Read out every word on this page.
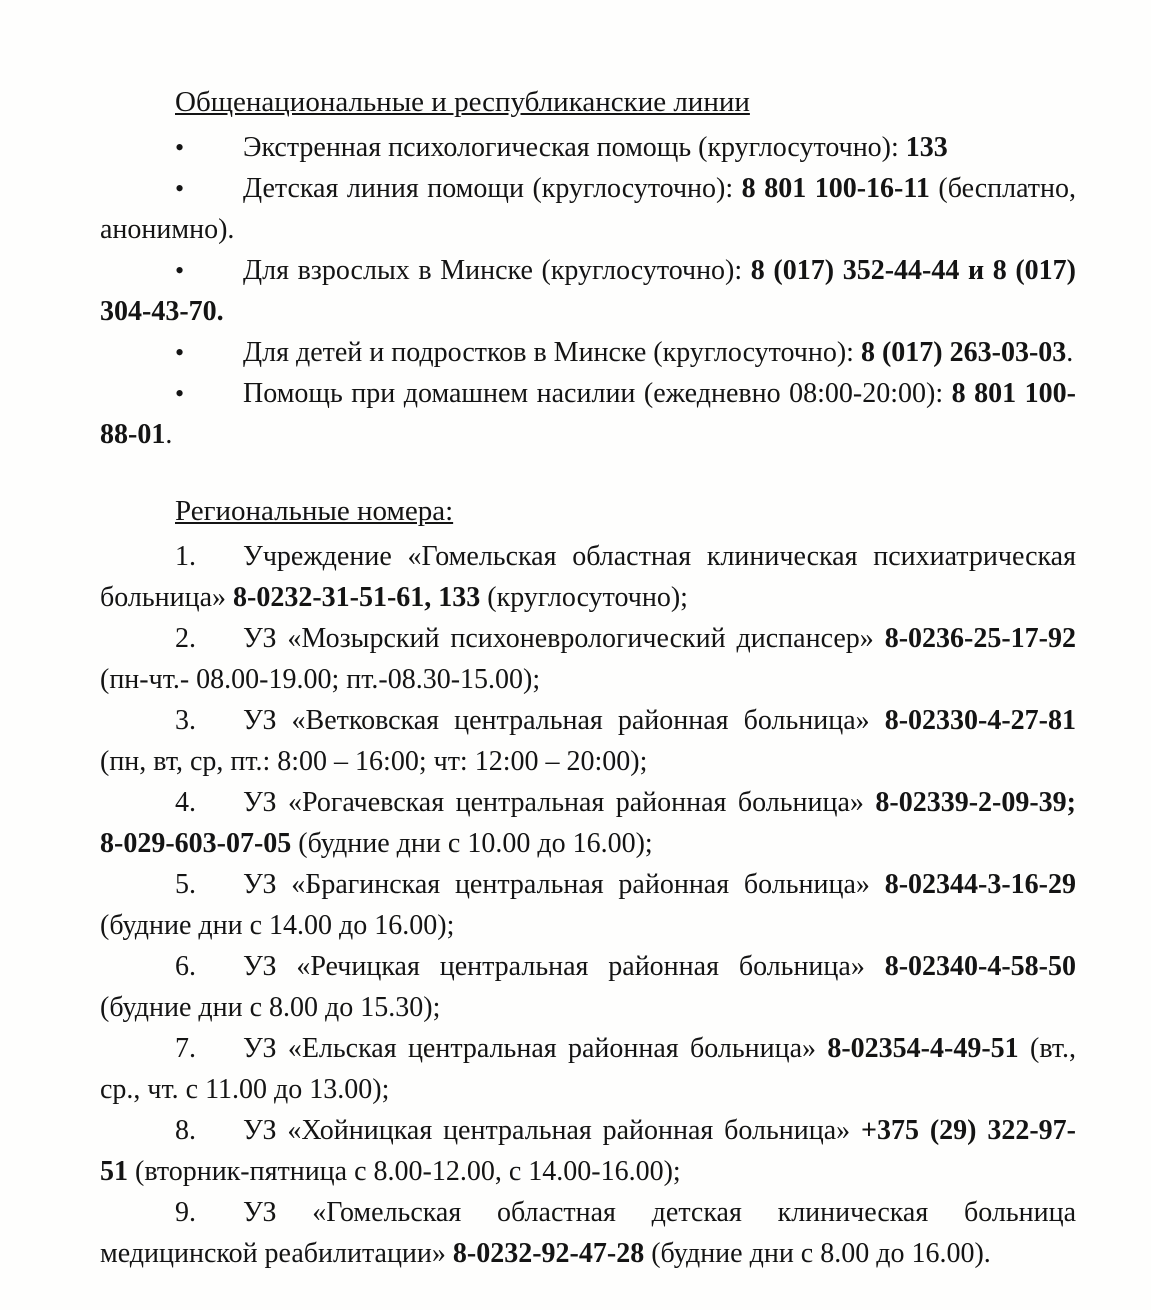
Общенациональные и республиканские линии

• Экстренная психологическая помощь (круглосуточно): 133

• Детская линия помощи (круглосуточно): 8 801 100-16-11 (бесплатно, анонимно).

• Для взрослых в Минске (круглосуточно): 8 (017) 352-44-44 и 8 (017) 304-43-70.

• Для детей и подростков в Минске (круглосуточно): 8 (017) 263-03-03.

• Помощь при домашнем насилии (ежедневно 08:00-20:00): 8 801 100-88-01.

Региональные номера:

1. Учреждение «Гомельская областная клиническая психиатрическая больница» 8-0232-31-51-61, 133 (круглосуточно);

2. УЗ «Мозырский психоневрологический диспансер» 8-0236-25-17-92 (пн-чт.- 08.00-19.00; пт.-08.30-15.00);

3. УЗ «Ветковская центральная районная больница» 8-02330-4-27-81 (пн, вт, ср, пт.: 8:00 – 16:00; чт: 12:00 – 20:00);

4. УЗ «Рогачевская центральная районная больница» 8-02339-2-09-39; 8-029-603-07-05 (будние дни с 10.00 до 16.00);

5. УЗ «Брагинская центральная районная больница» 8-02344-3-16-29 (будние дни с 14.00 до 16.00);

6. УЗ «Речицкая центральная районная больница» 8-02340-4-58-50 (будние дни с 8.00 до 15.30);

7. УЗ «Ельская центральная районная больница» 8-02354-4-49-51 (вт., ср., чт. с 11.00 до 13.00);

8. УЗ «Хойницкая центральная районная больница» +375 (29) 322-97-51 (вторник-пятница с 8.00-12.00, с 14.00-16.00);

9. УЗ «Гомельская областная детская клиническая больница медицинской реабилитации» 8-0232-92-47-28 (будние дни с 8.00 до 16.00).
